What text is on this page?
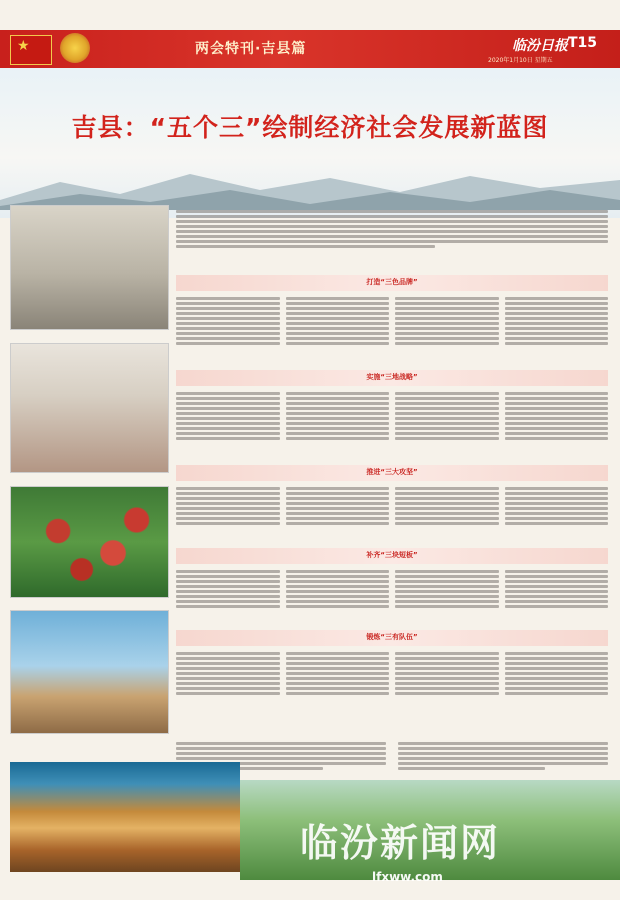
★
两会特刊·吉县篇	临汾日报 T15
2020年1月10日 星期五
吉县：“五个三”绘制经济社会发展新蓝图
打造“三色品牌”
实施“三地战略”
推进“三大攻坚”
补齐“三块短板”
锻炼“三有队伍”
临汾新闻网
lfxww.com
